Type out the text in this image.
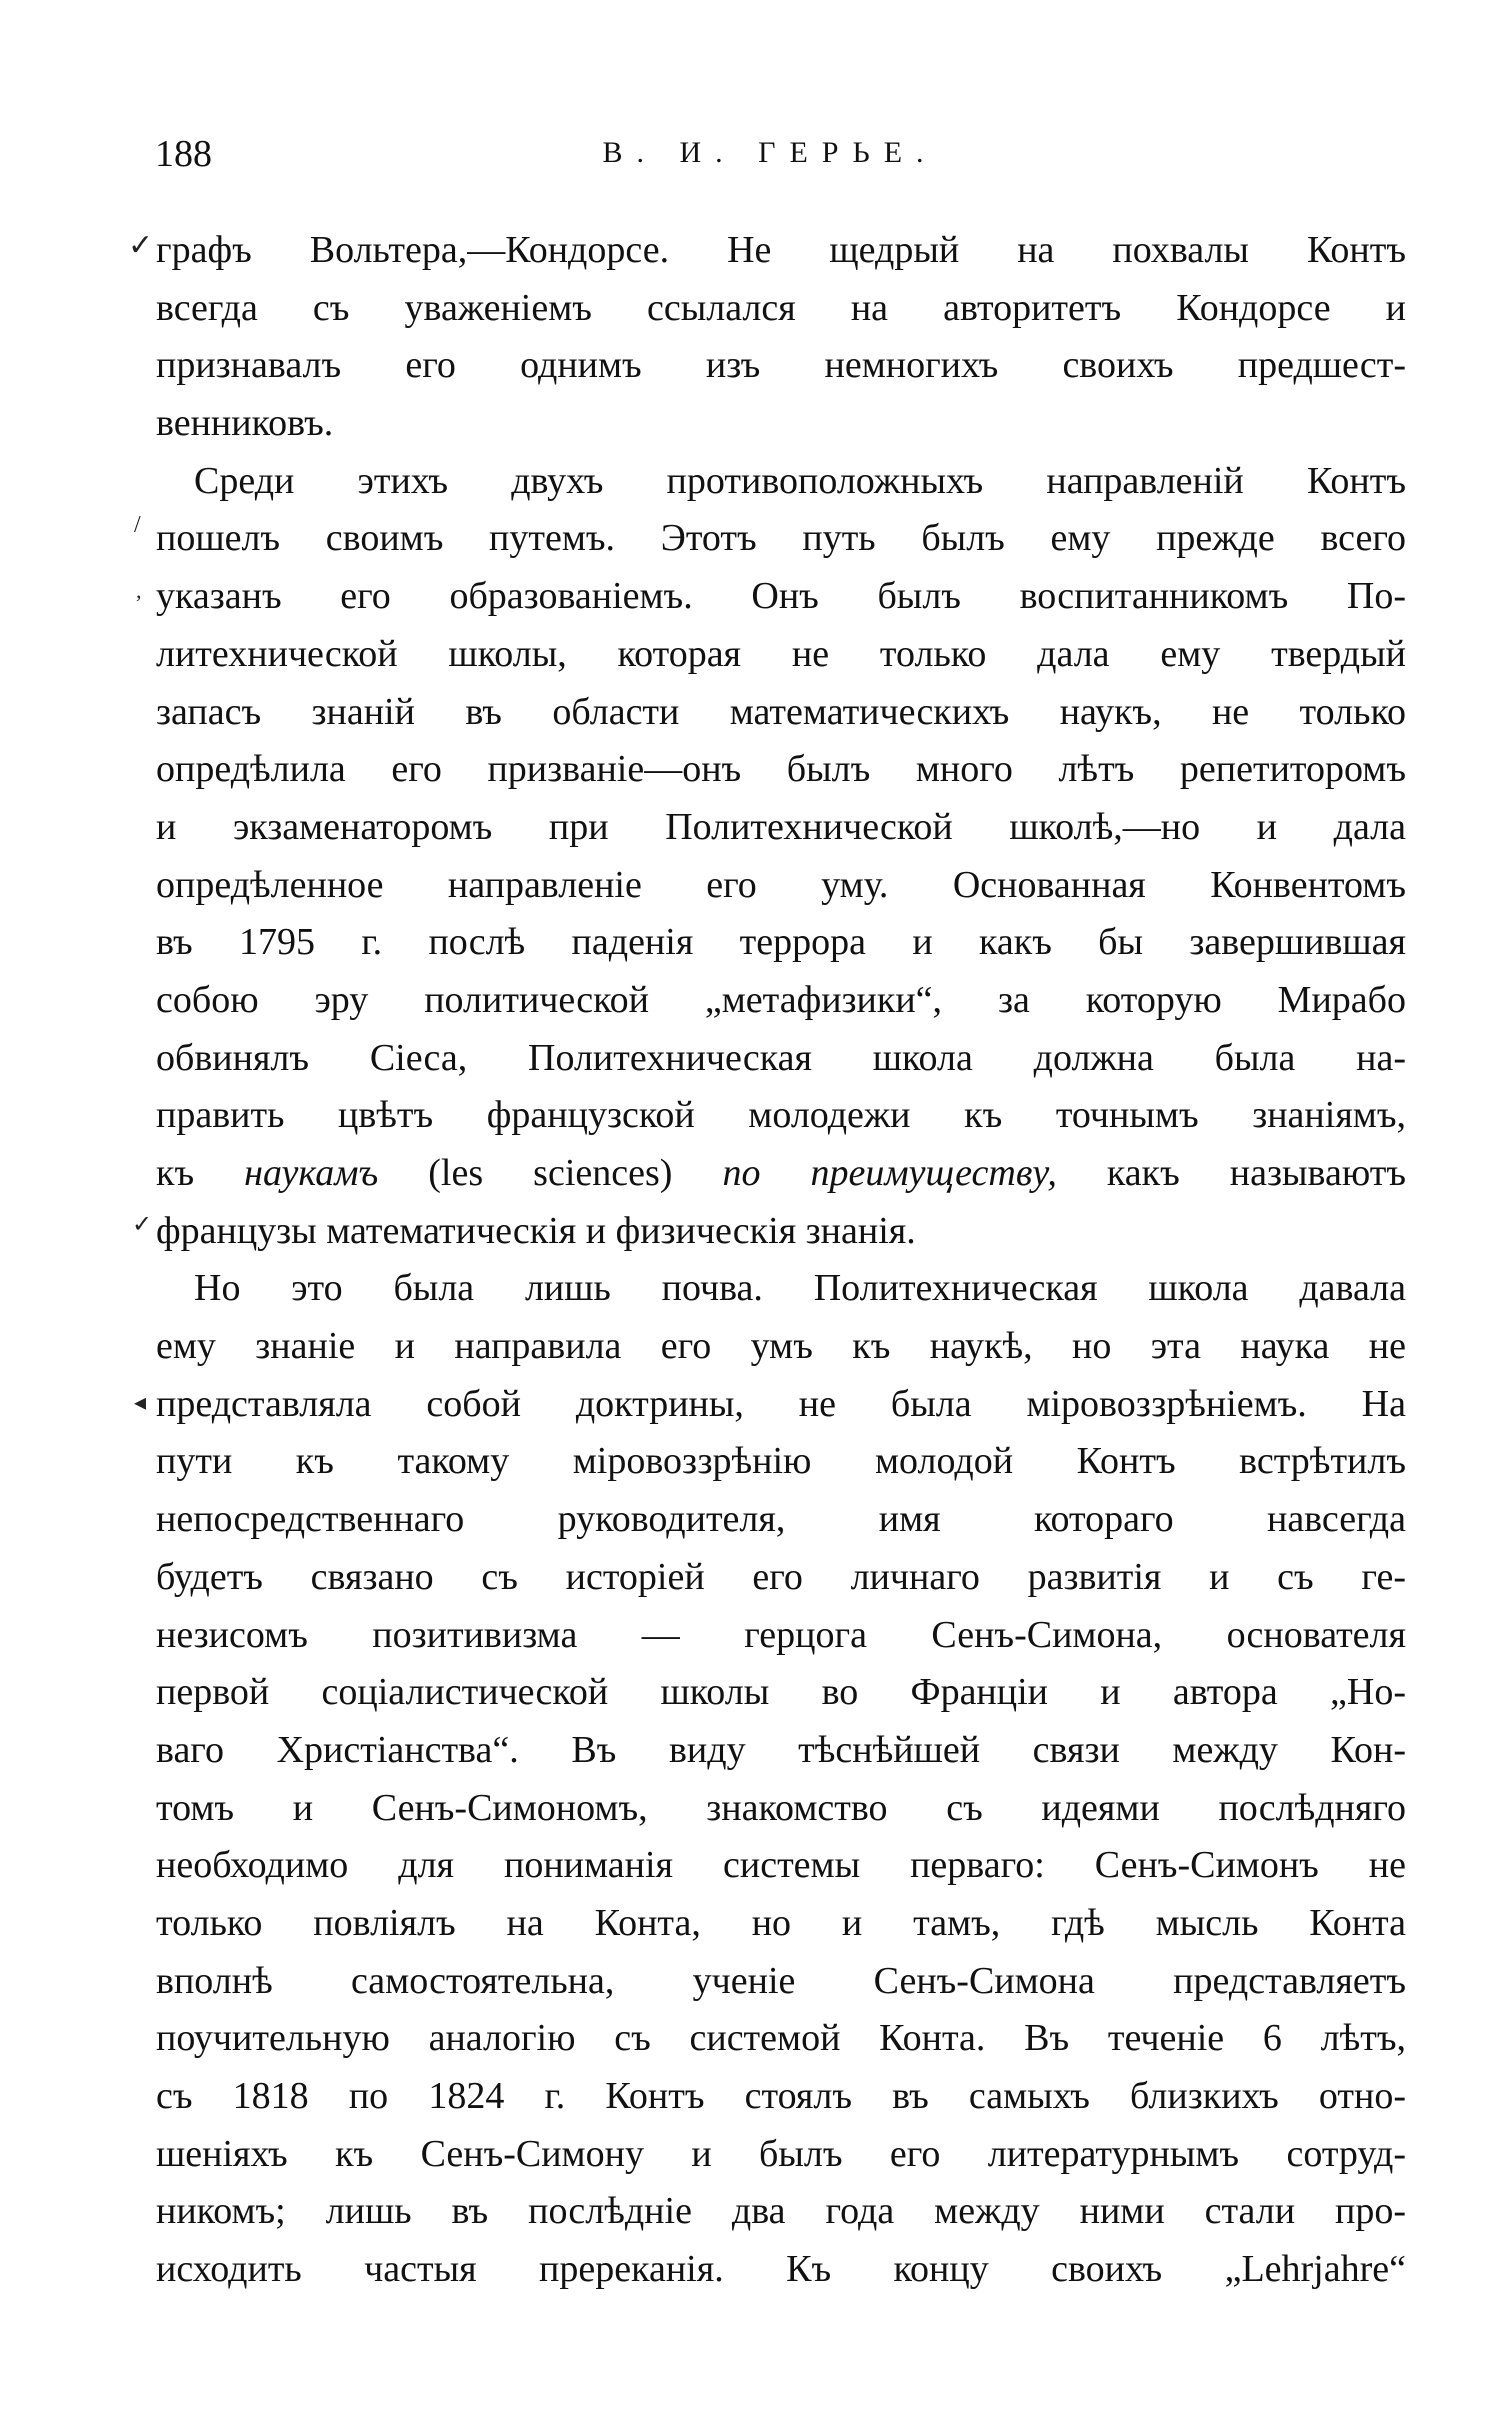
188	В. И. ГЕРЬЕ.
✓
/
,
✓
◂
графъ Вольтера,—Кондорсе. Не щедрый на похвалы Контъ
всегда съ уваженіемъ ссылался на авторитетъ Кондорсе и
признавалъ его однимъ изъ немногихъ своихъ предшест-
венниковъ.
Среди этихъ двухъ противоположныхъ направленій Контъ
пошелъ своимъ путемъ. Этотъ путь былъ ему прежде всего
указанъ его образованіемъ. Онъ былъ воспитанникомъ По-
литехнической школы, которая не только дала ему твердый
запасъ знаній въ области математическихъ наукъ, не только
опредѣлила его призваніе—онъ былъ много лѣтъ репетиторомъ
и экзаменаторомъ при Политехнической школѣ,—но и дала
опредѣленное направленіе его уму. Основанная Конвентомъ
въ 1795 г. послѣ паденія террора и какъ бы завершившая
собою эру политической „метафизики“, за которую Мирабо
обвинялъ Сіеса, Политехническая школа должна была на-
править цвѣтъ французской молодежи къ точнымъ знаніямъ,
къ наукамъ (les sciences) по преимуществу, какъ называютъ
французы математическія и физическія знанія.
Но это была лишь почва. Политехническая школа давала
ему знаніе и направила его умъ къ наукѣ, но эта наука не
представляла собой доктрины, не была міровоззрѣніемъ. На
пути къ такому міровоззрѣнію молодой Контъ встрѣтилъ
непосредственнаго руководителя, имя котораго навсегда
будетъ связано съ исторіей его личнаго развитія и съ ге-
незисомъ позитивизма — герцога Сенъ-Симона, основателя
первой соціалистической школы во Франціи и автора „Но-
ваго Христіанства“. Въ виду тѣснѣйшей связи между Кон-
томъ и Сенъ-Симономъ, знакомство съ идеями послѣдняго
необходимо для пониманія системы перваго: Сенъ-Симонъ не
только повліялъ на Конта, но и тамъ, гдѣ мысль Конта
вполнѣ самостоятельна, ученіе Сенъ-Симона представляетъ
поучительную аналогію съ системой Конта. Въ теченіе 6 лѣтъ,
съ 1818 по 1824 г. Контъ стоялъ въ самыхъ близкихъ отно-
шеніяхъ къ Сенъ-Симону и былъ его литературнымъ сотруд-
никомъ; лишь въ послѣдніе два года между ними стали про-
исходить частыя пререканія. Къ концу своихъ „Lehrjahre“
